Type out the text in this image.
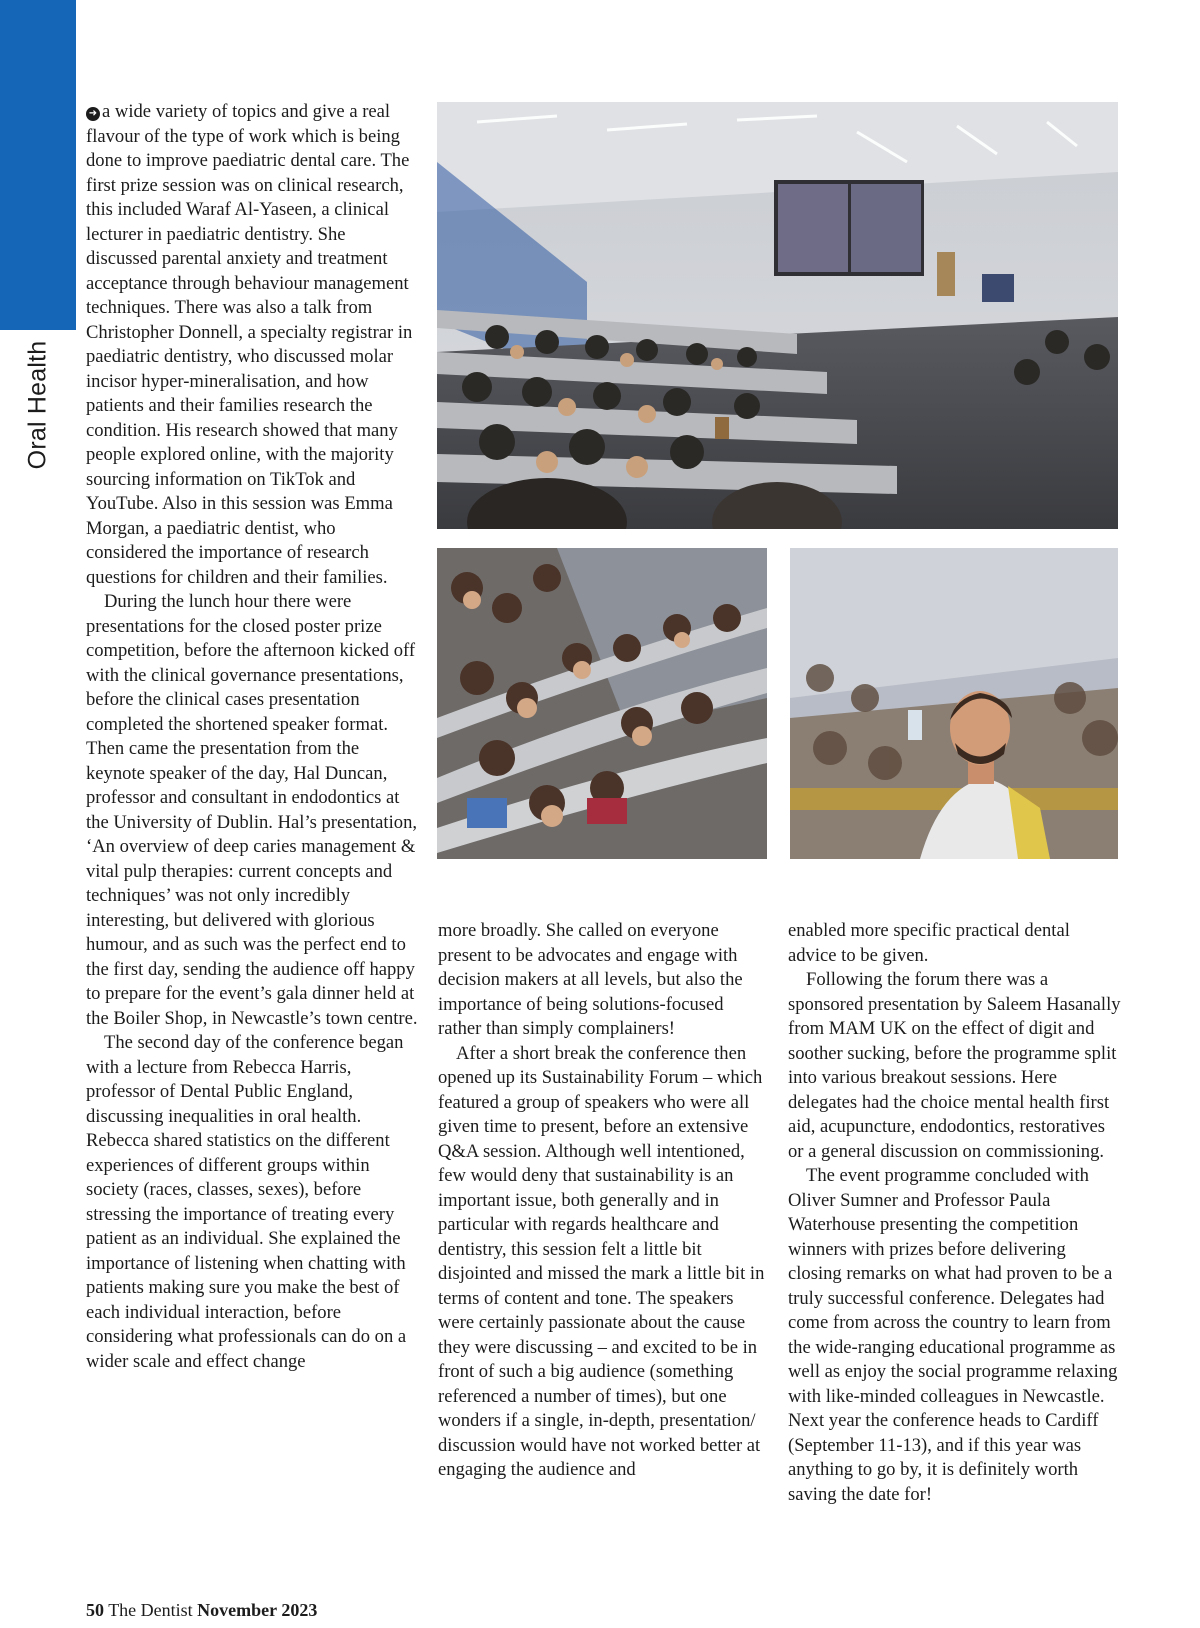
Oral Health

➜ a wide variety of topics and give a real flavour of the type of work which is being done to improve paediatric dental care. The first prize session was on clinical research, this included Waraf Al-Yaseen, a clinical lecturer in paediatric dentistry. She discussed parental anxiety and treatment acceptance through behaviour management techniques. There was also a talk from Christopher Donnell, a specialty registrar in paediatric dentistry, who discussed molar incisor hyper-mineralisation, and how patients and their families research the condition. His research showed that many people explored online, with the majority sourcing information on TikTok and YouTube. Also in this session was Emma Morgan, a paediatric dentist, who considered the importance of research questions for children and their families.

During the lunch hour there were presentations for the closed poster prize competition, before the afternoon kicked off with the clinical governance presentations, before the clinical cases presentation completed the shortened speaker format. Then came the presentation from the keynote speaker of the day, Hal Duncan, professor and consultant in endodontics at the University of Dublin. Hal’s presentation, ‘An overview of deep caries management & vital pulp therapies: current concepts and techniques’ was not only incredibly interesting, but delivered with glorious humour, and as such was the perfect end to the first day, sending the audience off happy to prepare for the event’s gala dinner held at the Boiler Shop, in Newcastle’s town centre.

The second day of the conference began with a lecture from Rebecca Harris, professor of Dental Public England, discussing inequalities in oral health. Rebecca shared statistics on the different experiences of different groups within society (races, classes, sexes), before stressing the importance of treating every patient as an individual. She explained the importance of listening when chatting with patients making sure you make the best of each individual interaction, before considering what professionals can do on a wider scale and effect change

more broadly. She called on everyone present to be advocates and engage with decision makers at all levels, but also the importance of being solutions-focused rather than simply complainers!

After a short break the conference then opened up its Sustainability Forum – which featured a group of speakers who were all given time to present, before an extensive Q&A session. Although well intentioned, few would deny that sustainability is an important issue, both generally and in particular with regards healthcare and dentistry, this session felt a little bit disjointed and missed the mark a little bit in terms of content and tone. The speakers were certainly passionate about the cause they were discussing – and excited to be in front of such a big audience (something referenced a number of times), but one wonders if a single, in-depth, presentation/ discussion would have not worked better at engaging the audience and

enabled more specific practical dental advice to be given.

Following the forum there was a sponsored presentation by Saleem Hasanally from MAM UK on the effect of digit and soother sucking, before the programme split into various breakout sessions. Here delegates had the choice mental health first aid, acupuncture, endodontics, restoratives or a general discussion on commissioning.

The event programme concluded with Oliver Sumner and Professor Paula Waterhouse presenting the competition winners with prizes before delivering closing remarks on what had proven to be a truly successful conference. Delegates had come from across the country to learn from the wide-ranging educational programme as well as enjoy the social programme relaxing with like-minded colleagues in Newcastle. Next year the conference heads to Cardiff (September 11-13), and if this year was anything to go by, it is definitely worth saving the date for!

50 The Dentist November 2023
